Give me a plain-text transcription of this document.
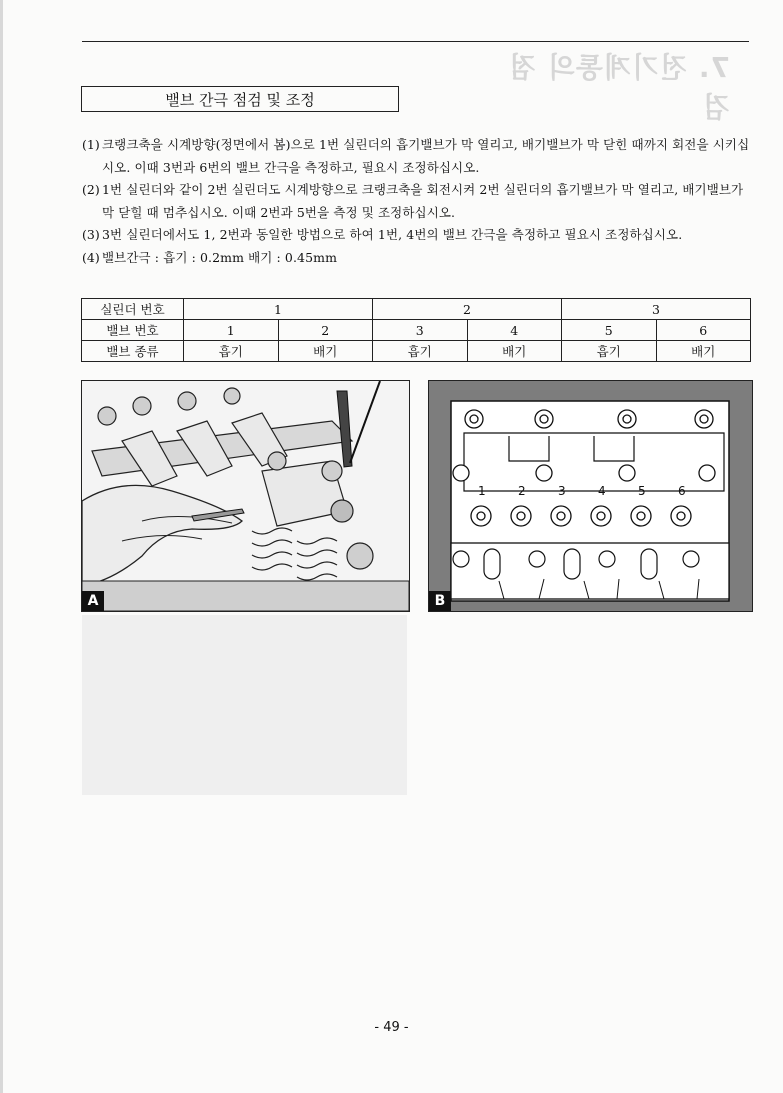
7. 전기계통의 점검
밸브 간극 점검 및 조정
(1) 크랭크축을 시계방향(정면에서 봄)으로 1번 실린더의 흡기밸브가 막 열리고, 배기밸브가 막 닫힌 때까지 회전을 시키십시오. 이때 3번과 6번의 밸브 간극을 측정하고, 필요시 조정하십시오.
(2) 1번 실린더와 같이 2번 실린더도 시계방향으로 크랭크축을 회전시켜 2번 실린더의 흡기밸브가 막 열리고, 배기밸브가 막 닫힐 때 멈추십시오. 이때 2번과 5번을 측정 및 조정하십시오.
(3) 3번 실린더에서도 1, 2번과 동일한 방법으로 하여 1번, 4번의 밸브 간극을 측정하고 필요시 조정하십시오.
(4) 밸브간극 : 흡기 : 0.2mm 배기 : 0.45mm
실린더 번호	1		2		3	
밸브 번호	1	2	3	4	5	6
밸브 종류	흡기	배기	흡기	배기	흡기	배기
A
1	2	3	4	5	6
B
- 49 -
